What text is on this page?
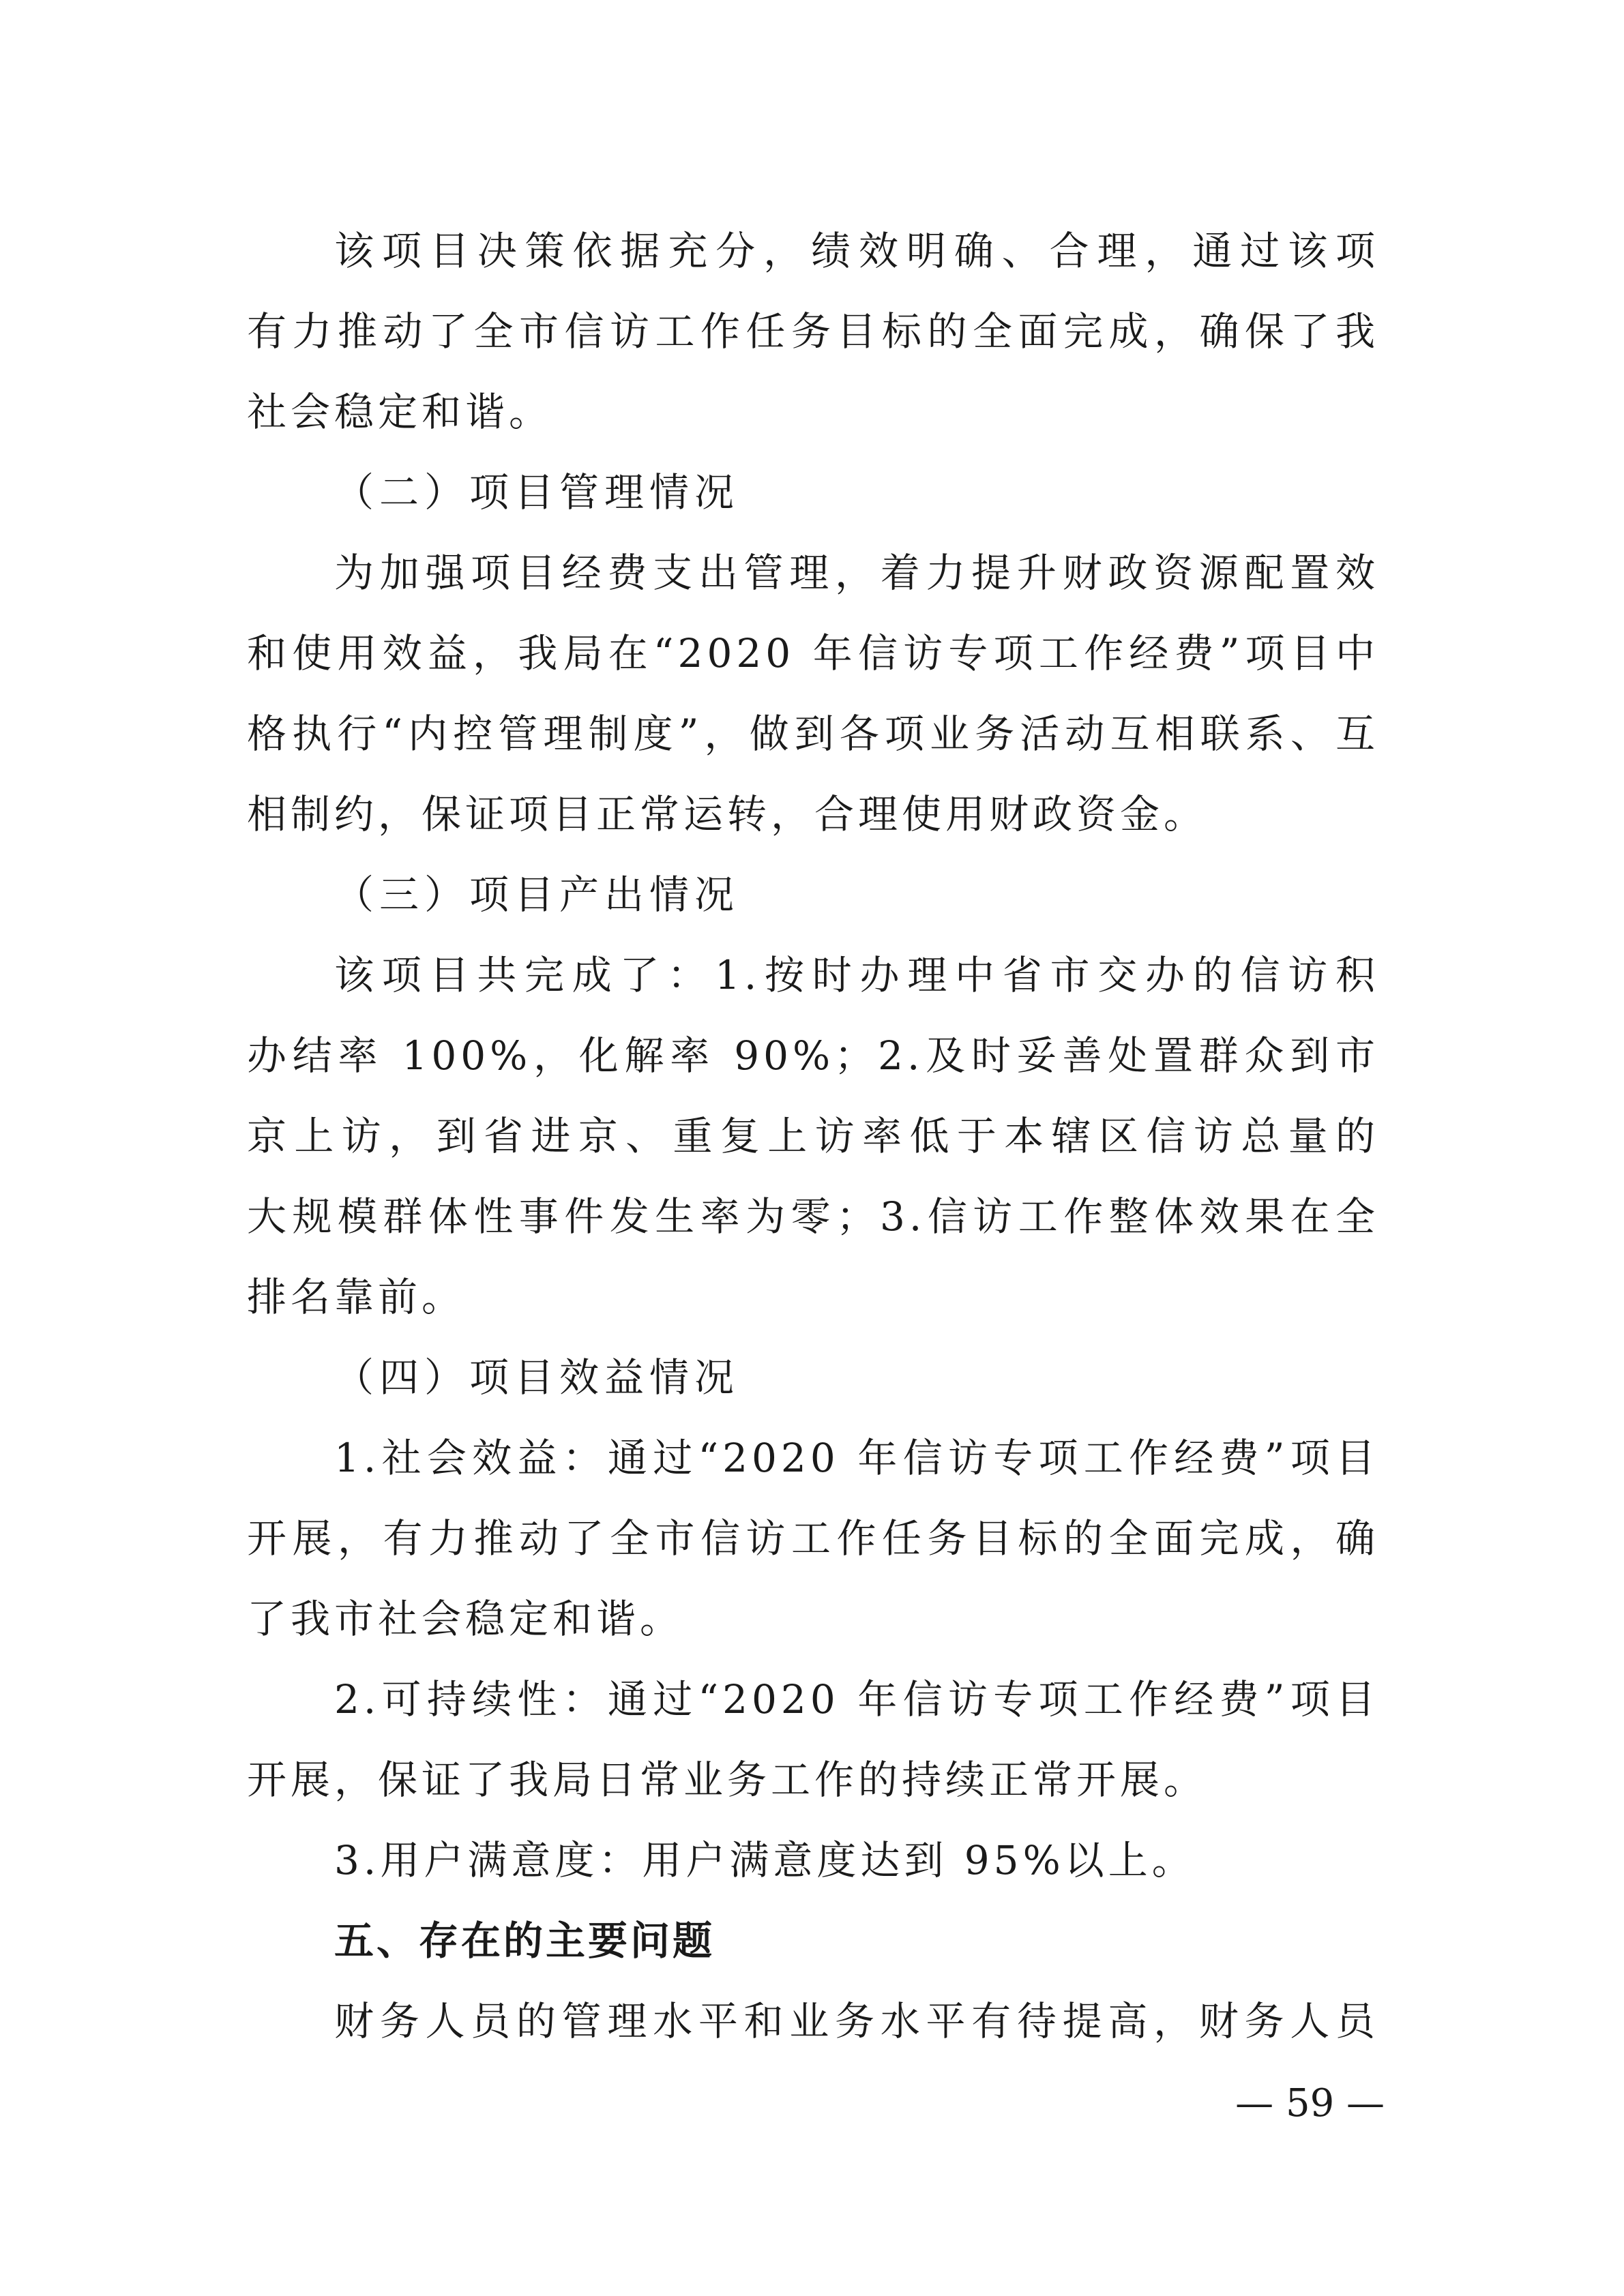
该项目决策依据充分，绩效明确、合理，通过该项
有力推动了全市信访工作任务目标的全面完成，确保了我
社会稳定和谐。
（二）项目管理情况
为加强项目经费支出管理，着力提升财政资源配置效
和使用效益，我局在“2020 年信访专项工作经费”项目中
格执行“内控管理制度”，做到各项业务活动互相联系、互
相制约，保证项目正常运转，合理使用财政资金。
（三）项目产出情况
该项目共完成了：1.按时办理中省市交办的信访积
办结率 100%，化解率 90%；2.及时妥善处置群众到市
京上访，到省进京、重复上访率低于本辖区信访总量的
大规模群体性事件发生率为零；3.信访工作整体效果在全
排名靠前。
（四）项目效益情况
1.社会效益：通过“2020 年信访专项工作经费”项目
开展，有力推动了全市信访工作任务目标的全面完成，确
了我市社会稳定和谐。
2.可持续性：通过“2020 年信访专项工作经费”项目
开展，保证了我局日常业务工作的持续正常开展。
3.用户满意度：用户满意度达到 95%以上。
五、存在的主要问题
财务人员的管理水平和业务水平有待提高，财务人员
— 59 —
